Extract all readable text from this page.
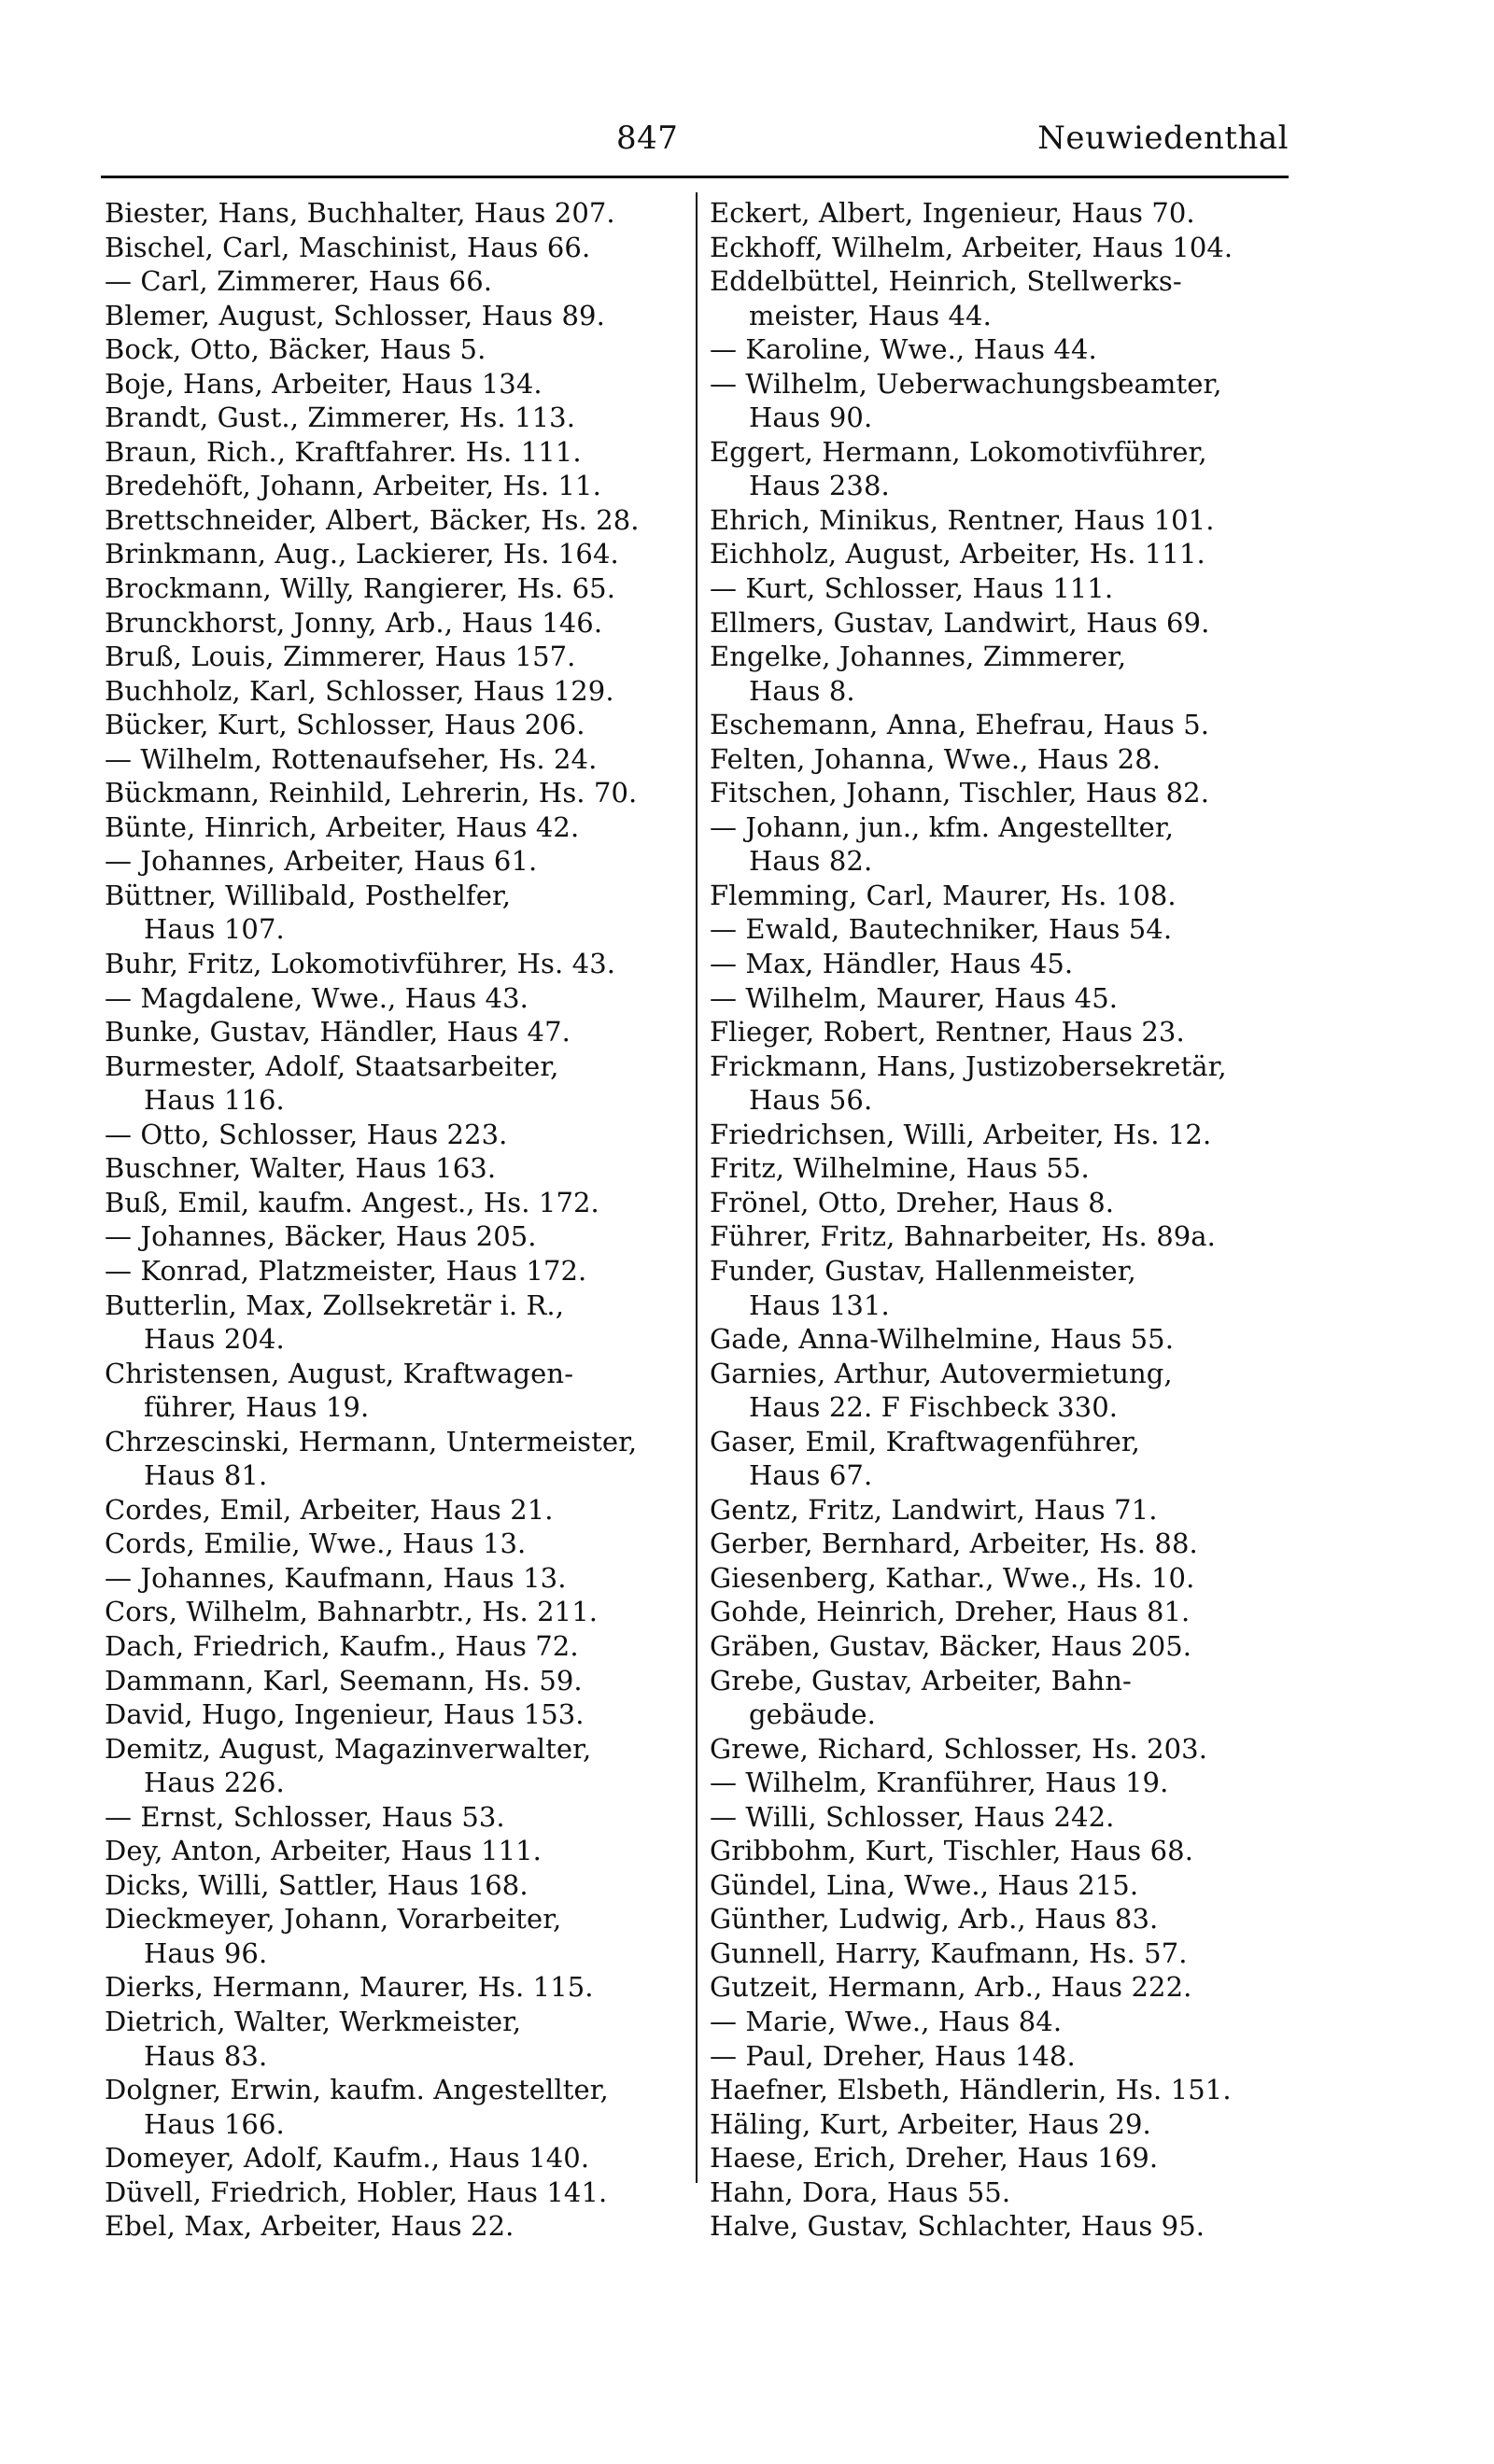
847	Neuwiedenthal
Biester, Hans, Buchhalter, Haus 207.
Bischel, Carl, Maschinist, Haus 66.
— Carl, Zimmerer, Haus 66.
Blemer, August, Schlosser, Haus 89.
Bock, Otto, Bäcker, Haus 5.
Boje, Hans, Arbeiter, Haus 134.
Brandt, Gust., Zimmerer, Hs. 113.
Braun, Rich., Kraftfahrer. Hs. 111.
Bredehöft, Johann, Arbeiter, Hs. 11.
Brettschneider, Albert, Bäcker, Hs. 28.
Brinkmann, Aug., Lackierer, Hs. 164.
Brockmann, Willy, Rangierer, Hs. 65.
Brunckhorst, Jonny, Arb., Haus 146.
Bruß, Louis, Zimmerer, Haus 157.
Buchholz, Karl, Schlosser, Haus 129.
Bücker, Kurt, Schlosser, Haus 206.
— Wilhelm, Rottenaufseher, Hs. 24.
Bückmann, Reinhild, Lehrerin, Hs. 70.
Bünte, Hinrich, Arbeiter, Haus 42.
— Johannes, Arbeiter, Haus 61.
Büttner, Willibald, Posthelfer,
Haus 107.
Buhr, Fritz, Lokomotivführer, Hs. 43.
— Magdalene, Wwe., Haus 43.
Bunke, Gustav, Händler, Haus 47.
Burmester, Adolf, Staatsarbeiter,
Haus 116.
— Otto, Schlosser, Haus 223.
Buschner, Walter, Haus 163.
Buß, Emil, kaufm. Angest., Hs. 172.
— Johannes, Bäcker, Haus 205.
— Konrad, Platzmeister, Haus 172.
Butterlin, Max, Zollsekretär i. R.,
Haus 204.
Christensen, August, Kraftwagen-
führer, Haus 19.
Chrzescinski, Hermann, Untermeister,
Haus 81.
Cordes, Emil, Arbeiter, Haus 21.
Cords, Emilie, Wwe., Haus 13.
— Johannes, Kaufmann, Haus 13.
Cors, Wilhelm, Bahnarbtr., Hs. 211.
Dach, Friedrich, Kaufm., Haus 72.
Dammann, Karl, Seemann, Hs. 59.
David, Hugo, Ingenieur, Haus 153.
Demitz, August, Magazinverwalter,
Haus 226.
— Ernst, Schlosser, Haus 53.
Dey, Anton, Arbeiter, Haus 111.
Dicks, Willi, Sattler, Haus 168.
Dieckmeyer, Johann, Vorarbeiter,
Haus 96.
Dierks, Hermann, Maurer, Hs. 115.
Dietrich, Walter, Werkmeister,
Haus 83.
Dolgner, Erwin, kaufm. Angestellter,
Haus 166.
Domeyer, Adolf, Kaufm., Haus 140.
Düvell, Friedrich, Hobler, Haus 141.
Ebel, Max, Arbeiter, Haus 22.
Eckert, Albert, Ingenieur, Haus 70.
Eckhoff, Wilhelm, Arbeiter, Haus 104.
Eddelbüttel, Heinrich, Stellwerks-
meister, Haus 44.
— Karoline, Wwe., Haus 44.
— Wilhelm, Ueberwachungsbeamter,
Haus 90.
Eggert, Hermann, Lokomotivführer,
Haus 238.
Ehrich, Minikus, Rentner, Haus 101.
Eichholz, August, Arbeiter, Hs. 111.
— Kurt, Schlosser, Haus 111.
Ellmers, Gustav, Landwirt, Haus 69.
Engelke, Johannes, Zimmerer,
Haus 8.
Eschemann, Anna, Ehefrau, Haus 5.
Felten, Johanna, Wwe., Haus 28.
Fitschen, Johann, Tischler, Haus 82.
— Johann, jun., kfm. Angestellter,
Haus 82.
Flemming, Carl, Maurer, Hs. 108.
— Ewald, Bautechniker, Haus 54.
— Max, Händler, Haus 45.
— Wilhelm, Maurer, Haus 45.
Flieger, Robert, Rentner, Haus 23.
Frickmann, Hans, Justizobersekretär,
Haus 56.
Friedrichsen, Willi, Arbeiter, Hs. 12.
Fritz, Wilhelmine, Haus 55.
Frönel, Otto, Dreher, Haus 8.
Führer, Fritz, Bahnarbeiter, Hs. 89a.
Funder, Gustav, Hallenmeister,
Haus 131.
Gade, Anna-Wilhelmine, Haus 55.
Garnies, Arthur, Autovermietung,
Haus 22. F Fischbeck 330.
Gaser, Emil, Kraftwagenführer,
Haus 67.
Gentz, Fritz, Landwirt, Haus 71.
Gerber, Bernhard, Arbeiter, Hs. 88.
Giesenberg, Kathar., Wwe., Hs. 10.
Gohde, Heinrich, Dreher, Haus 81.
Gräben, Gustav, Bäcker, Haus 205.
Grebe, Gustav, Arbeiter, Bahn-
gebäude.
Grewe, Richard, Schlosser, Hs. 203.
— Wilhelm, Kranführer, Haus 19.
— Willi, Schlosser, Haus 242.
Gribbohm, Kurt, Tischler, Haus 68.
Gündel, Lina, Wwe., Haus 215.
Günther, Ludwig, Arb., Haus 83.
Gunnell, Harry, Kaufmann, Hs. 57.
Gutzeit, Hermann, Arb., Haus 222.
— Marie, Wwe., Haus 84.
— Paul, Dreher, Haus 148.
Haefner, Elsbeth, Händlerin, Hs. 151.
Häling, Kurt, Arbeiter, Haus 29.
Haese, Erich, Dreher, Haus 169.
Hahn, Dora, Haus 55.
Halve, Gustav, Schlachter, Haus 95.
